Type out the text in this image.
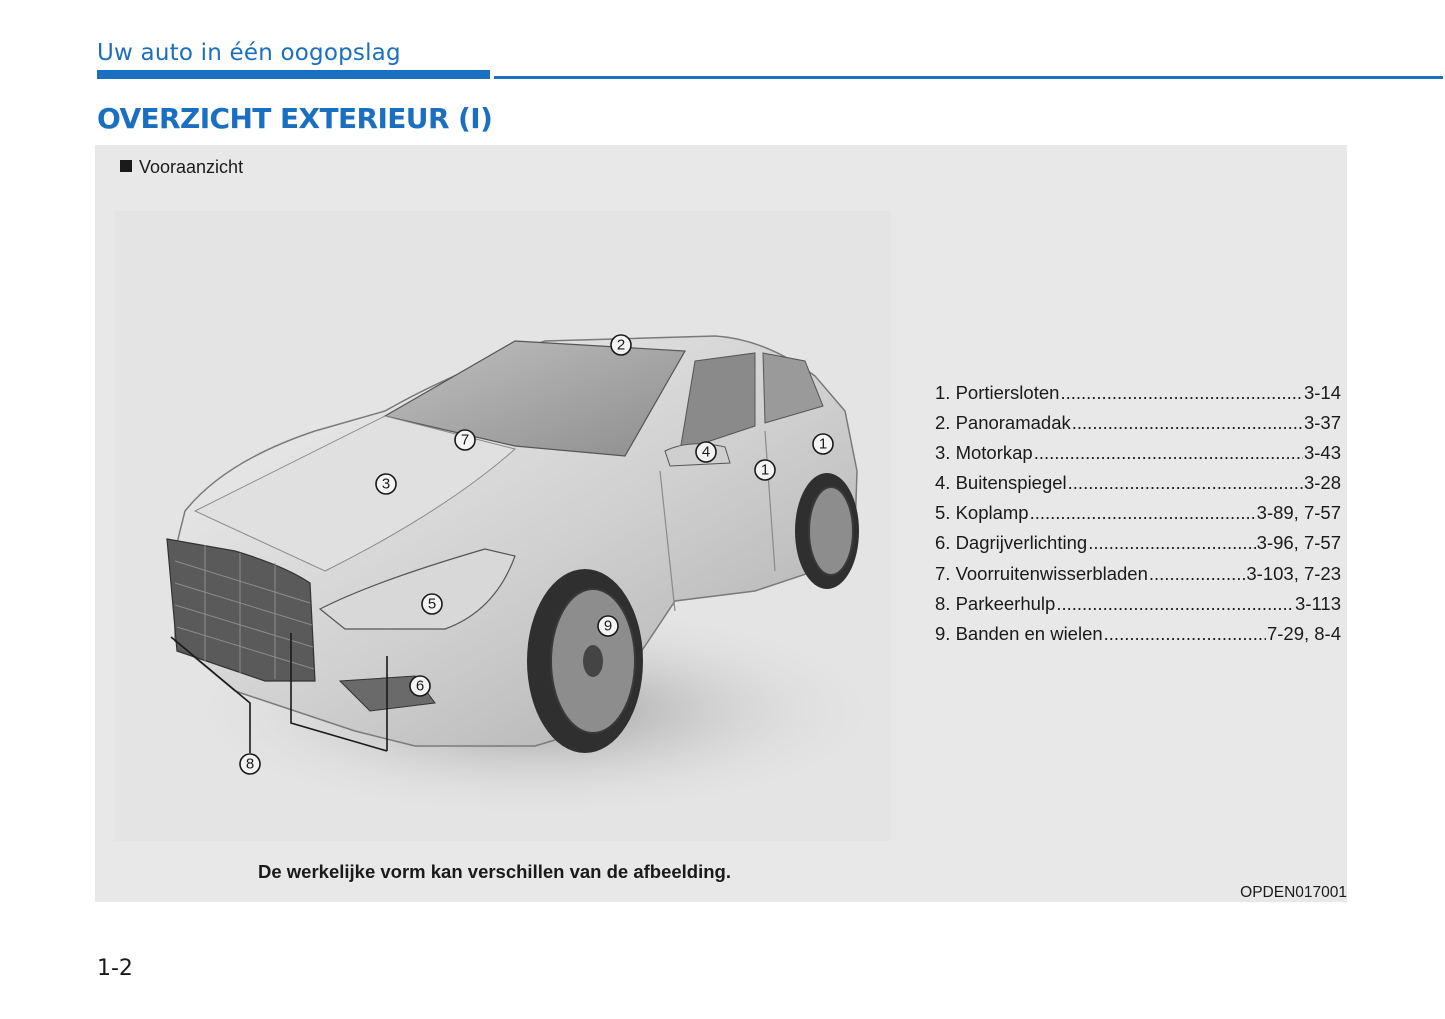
Uw auto in één oogopslag
OVERZICHT EXTERIEUR (I)
Vooraanzicht
1
1
2
3
4
5
6
7
8
9
1. Portiersloten .....	3-14
2. Panoramadak .....	3-37
3. Motorkap .....	3-43
4. Buitenspiegel .....	3-28
5. Koplamp .....	3-89, 7-57
6. Dagrijverlichting .....	3-96, 7-57
7. Voorruitenwisserbladen .....	3-103, 7-23
8. Parkeerhulp .....	3-113
9. Banden en wielen .....	7-29, 8-4
De werkelijke vorm kan verschillen van de afbeelding.
OPDEN017001
1-2
